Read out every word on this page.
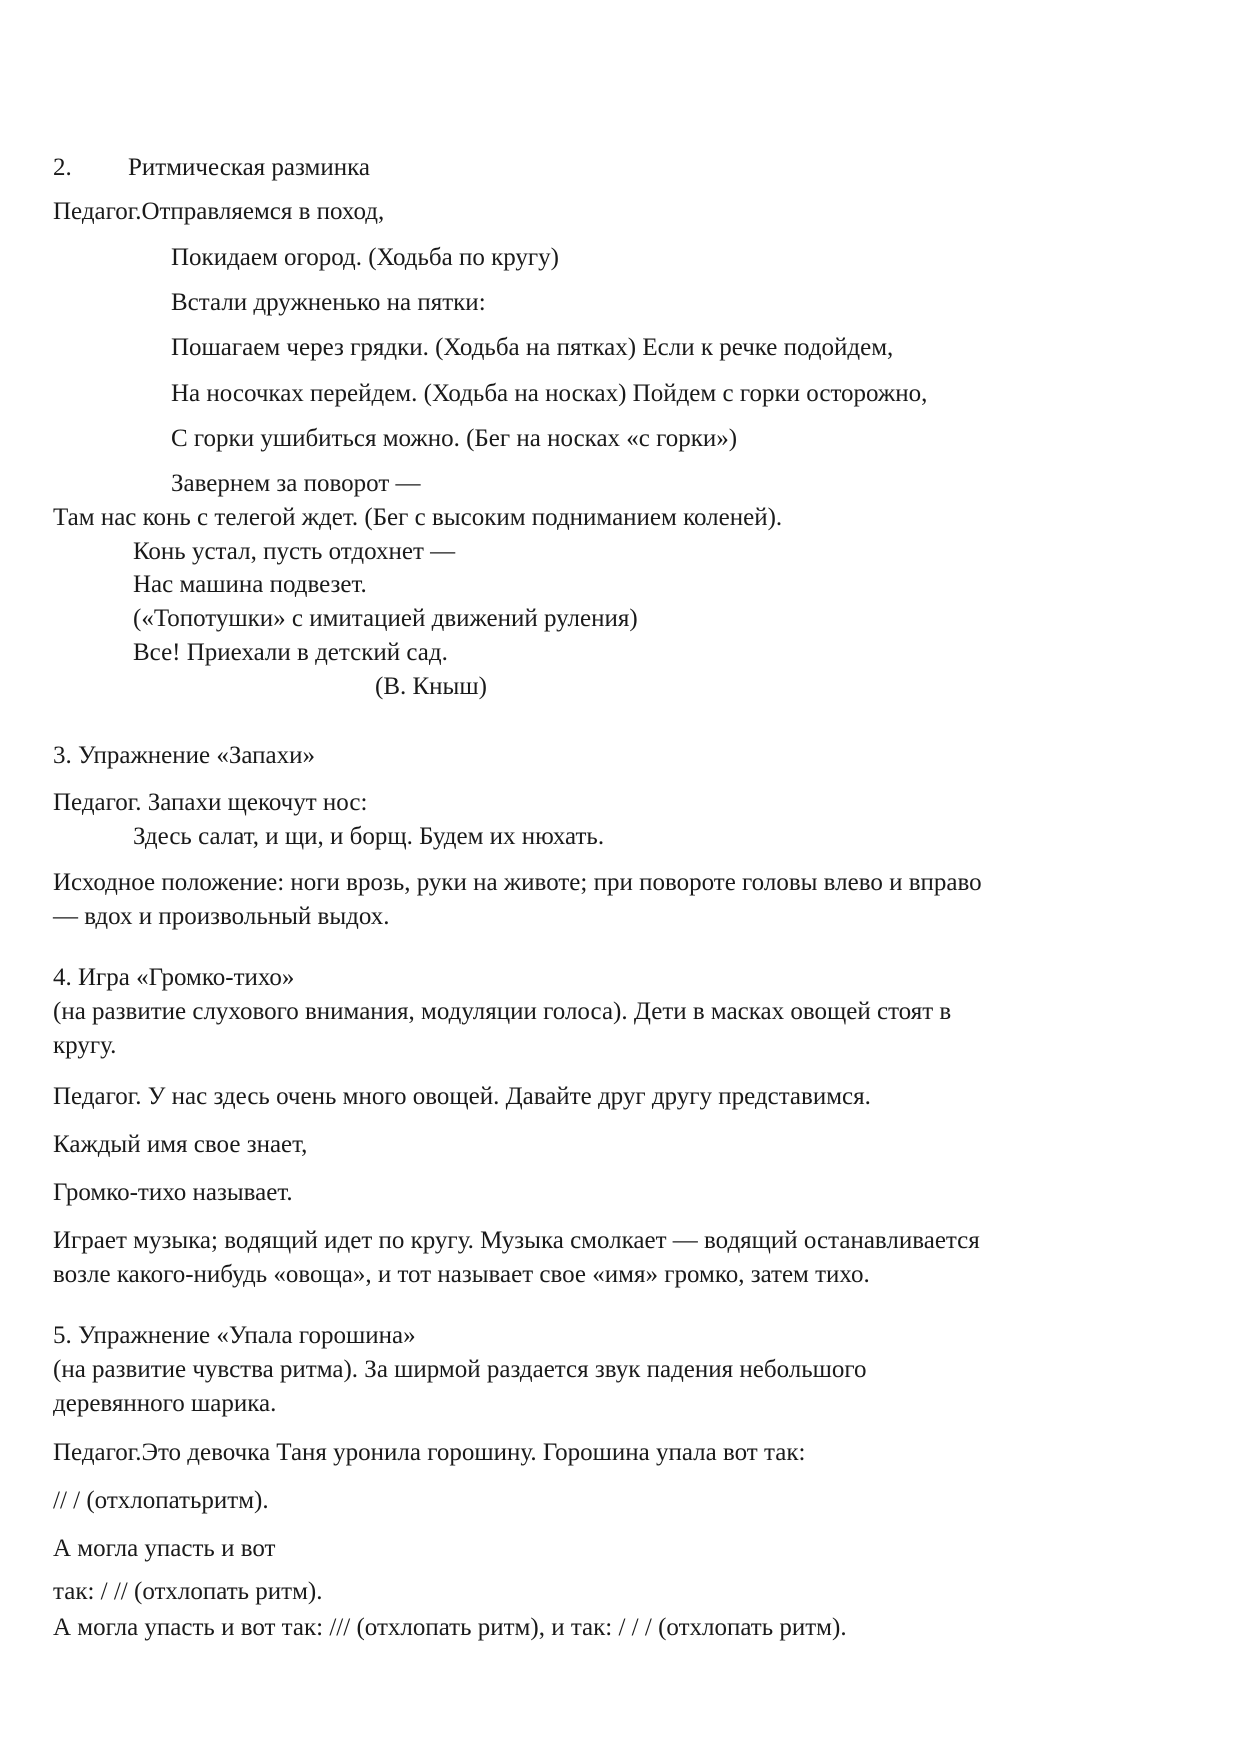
2. Ритмическая разминка
Педагог.Отправляемся в поход,
Покидаем огород. (Ходьба по кругу)
Встали дружненько на пятки:
Пошагаем через грядки. (Ходьба на пятках) Если к речке подойдем,
На носочках перейдем. (Ходьба на носках) Пойдем с горки осторожно,
С горки ушибиться можно. (Бег на носках «с горки»)
Завернем за поворот —
Там нас конь с телегой ждет. (Бег с высоким подниманием коленей).
Конь устал, пусть отдохнет —
Нас машина подвезет.
(«Топотушки» с имитацией движений руления)
Все! Приехали в детский сад.
(В. Кныш)
3. Упражнение «Запахи»
Педагог. Запахи щекочут нос:
Здесь салат, и щи, и борщ. Будем их нюхать.
Исходное положение: ноги врозь, руки на животе; при повороте головы влево и вправо
— вдох и произвольный выдох.
4. Игра «Громко-тихо»
(на развитие слухового внимания, модуляции голоса). Дети в масках овощей стоят в
кругу.
Педагог. У нас здесь очень много овощей. Давайте друг другу представимся.
Каждый имя свое знает,
Громко-тихо называет.
Играет музыка; водящий идет по кругу. Музыка смолкает — водящий останавливается
возле какого-нибудь «овоща», и тот называет свое «имя» громко, затем тихо.
5. Упражнение «Упала горошина»
(на развитие чувства ритма). За ширмой раздается звук падения небольшого
деревянного шарика.
Педагог.Это девочка Таня уронила горошину. Горошина упала вот так:
// / (отхлопатьритм).
А могла упасть и вот
так: / // (отхлопать ритм).
А могла упасть и вот так: /// (отхлопать ритм), и так: / / / (отхлопать ритм).
